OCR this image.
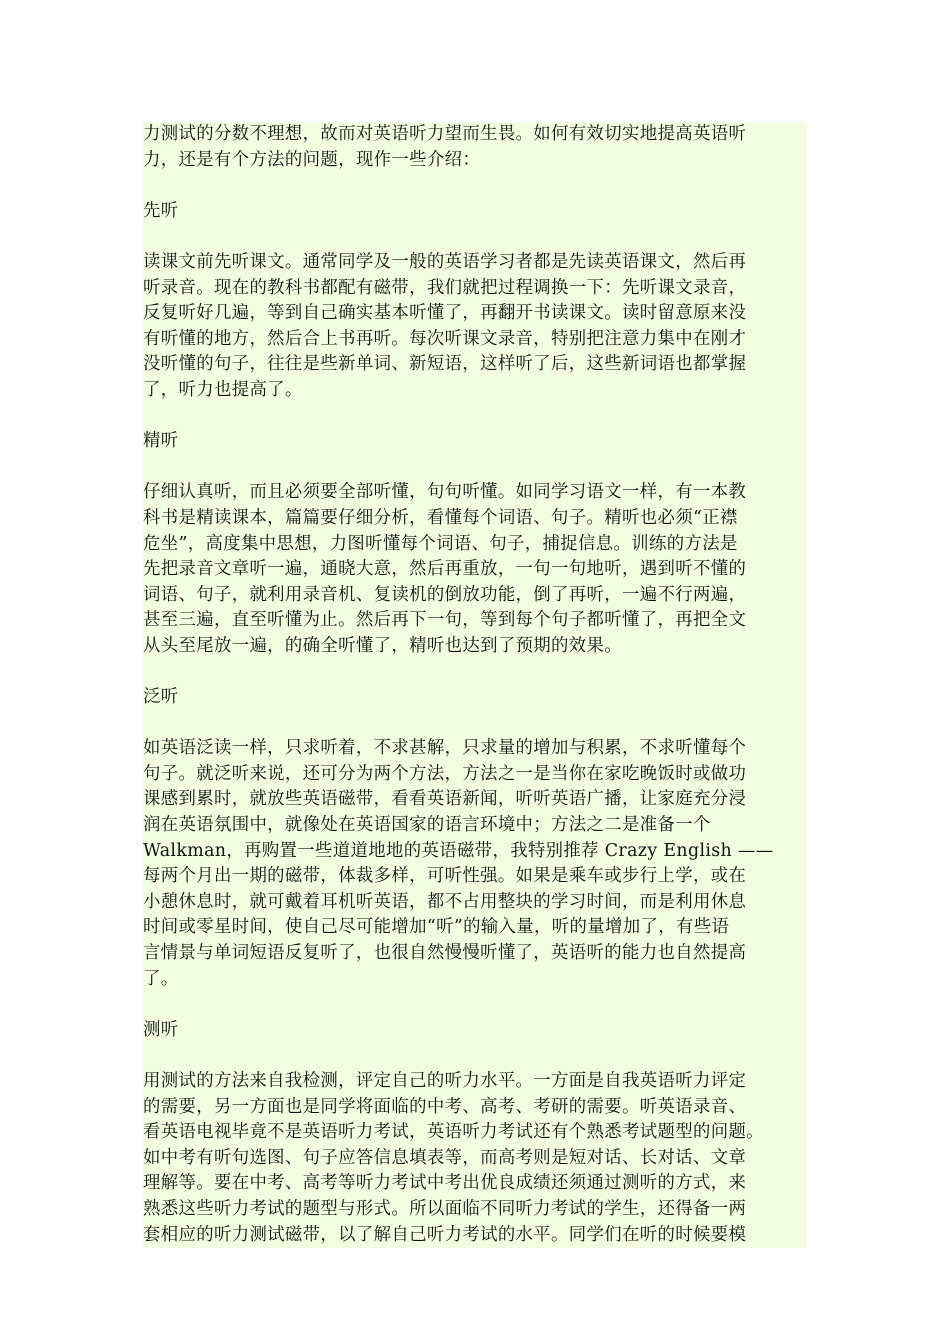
力测试的分数不理想，故而对英语听力望而生畏。如何有效切实地提高英语听
力，还是有个方法的问题，现作一些介绍：

先听

读课文前先听课文。通常同学及一般的英语学习者都是先读英语课文，然后再
听录音。现在的教科书都配有磁带，我们就把过程调换一下：先听课文录音，
反复听好几遍，等到自己确实基本听懂了，再翻开书读课文。读时留意原来没
有听懂的地方，然后合上书再听。每次听课文录音，特别把注意力集中在刚才
没听懂的句子，往往是些新单词、新短语，这样听了后，这些新词语也都掌握
了，听力也提高了。

精听

仔细认真听，而且必须要全部听懂，句句听懂。如同学习语文一样，有一本教
科书是精读课本，篇篇要仔细分析，看懂每个词语、句子。精听也必须“正襟
危坐”，高度集中思想，力图听懂每个词语、句子，捕捉信息。训练的方法是
先把录音文章听一遍，通晓大意，然后再重放，一句一句地听，遇到听不懂的
词语、句子，就利用录音机、复读机的倒放功能，倒了再听，一遍不行两遍，
甚至三遍，直至听懂为止。然后再下一句，等到每个句子都听懂了，再把全文
从头至尾放一遍，的确全听懂了，精听也达到了预期的效果。

泛听

如英语泛读一样，只求听着，不求甚解，只求量的增加与积累，不求听懂每个
句子。就泛听来说，还可分为两个方法，方法之一是当你在家吃晚饭时或做功
课感到累时，就放些英语磁带，看看英语新闻，听听英语广播，让家庭充分浸
润在英语氛围中，就像处在英语国家的语言环境中；方法之二是准备一个
Walkman，再购置一些道道地地的英语磁带，我特别推荐 Crazy English ——
每两个月出一期的磁带，体裁多样，可听性强。如果是乘车或步行上学，或在
小憩休息时，就可戴着耳机听英语，都不占用整块的学习时间，而是利用休息
时间或零星时间，使自己尽可能增加“听”的输入量，听的量增加了，有些语
言情景与单词短语反复听了，也很自然慢慢听懂了，英语听的能力也自然提高
了。

测听

用测试的方法来自我检测，评定自己的听力水平。一方面是自我英语听力评定
的需要，另一方面也是同学将面临的中考、高考、考研的需要。听英语录音、
看英语电视毕竟不是英语听力考试，英语听力考试还有个熟悉考试题型的问题。
如中考有听句选图、句子应答信息填表等，而高考则是短对话、长对话、文章
理解等。要在中考、高考等听力考试中考出优良成绩还须通过测听的方式，来
熟悉这些听力考试的题型与形式。所以面临不同听力考试的学生，还得备一两
套相应的听力测试磁带，以了解自己听力考试的水平。同学们在听的时候要模
